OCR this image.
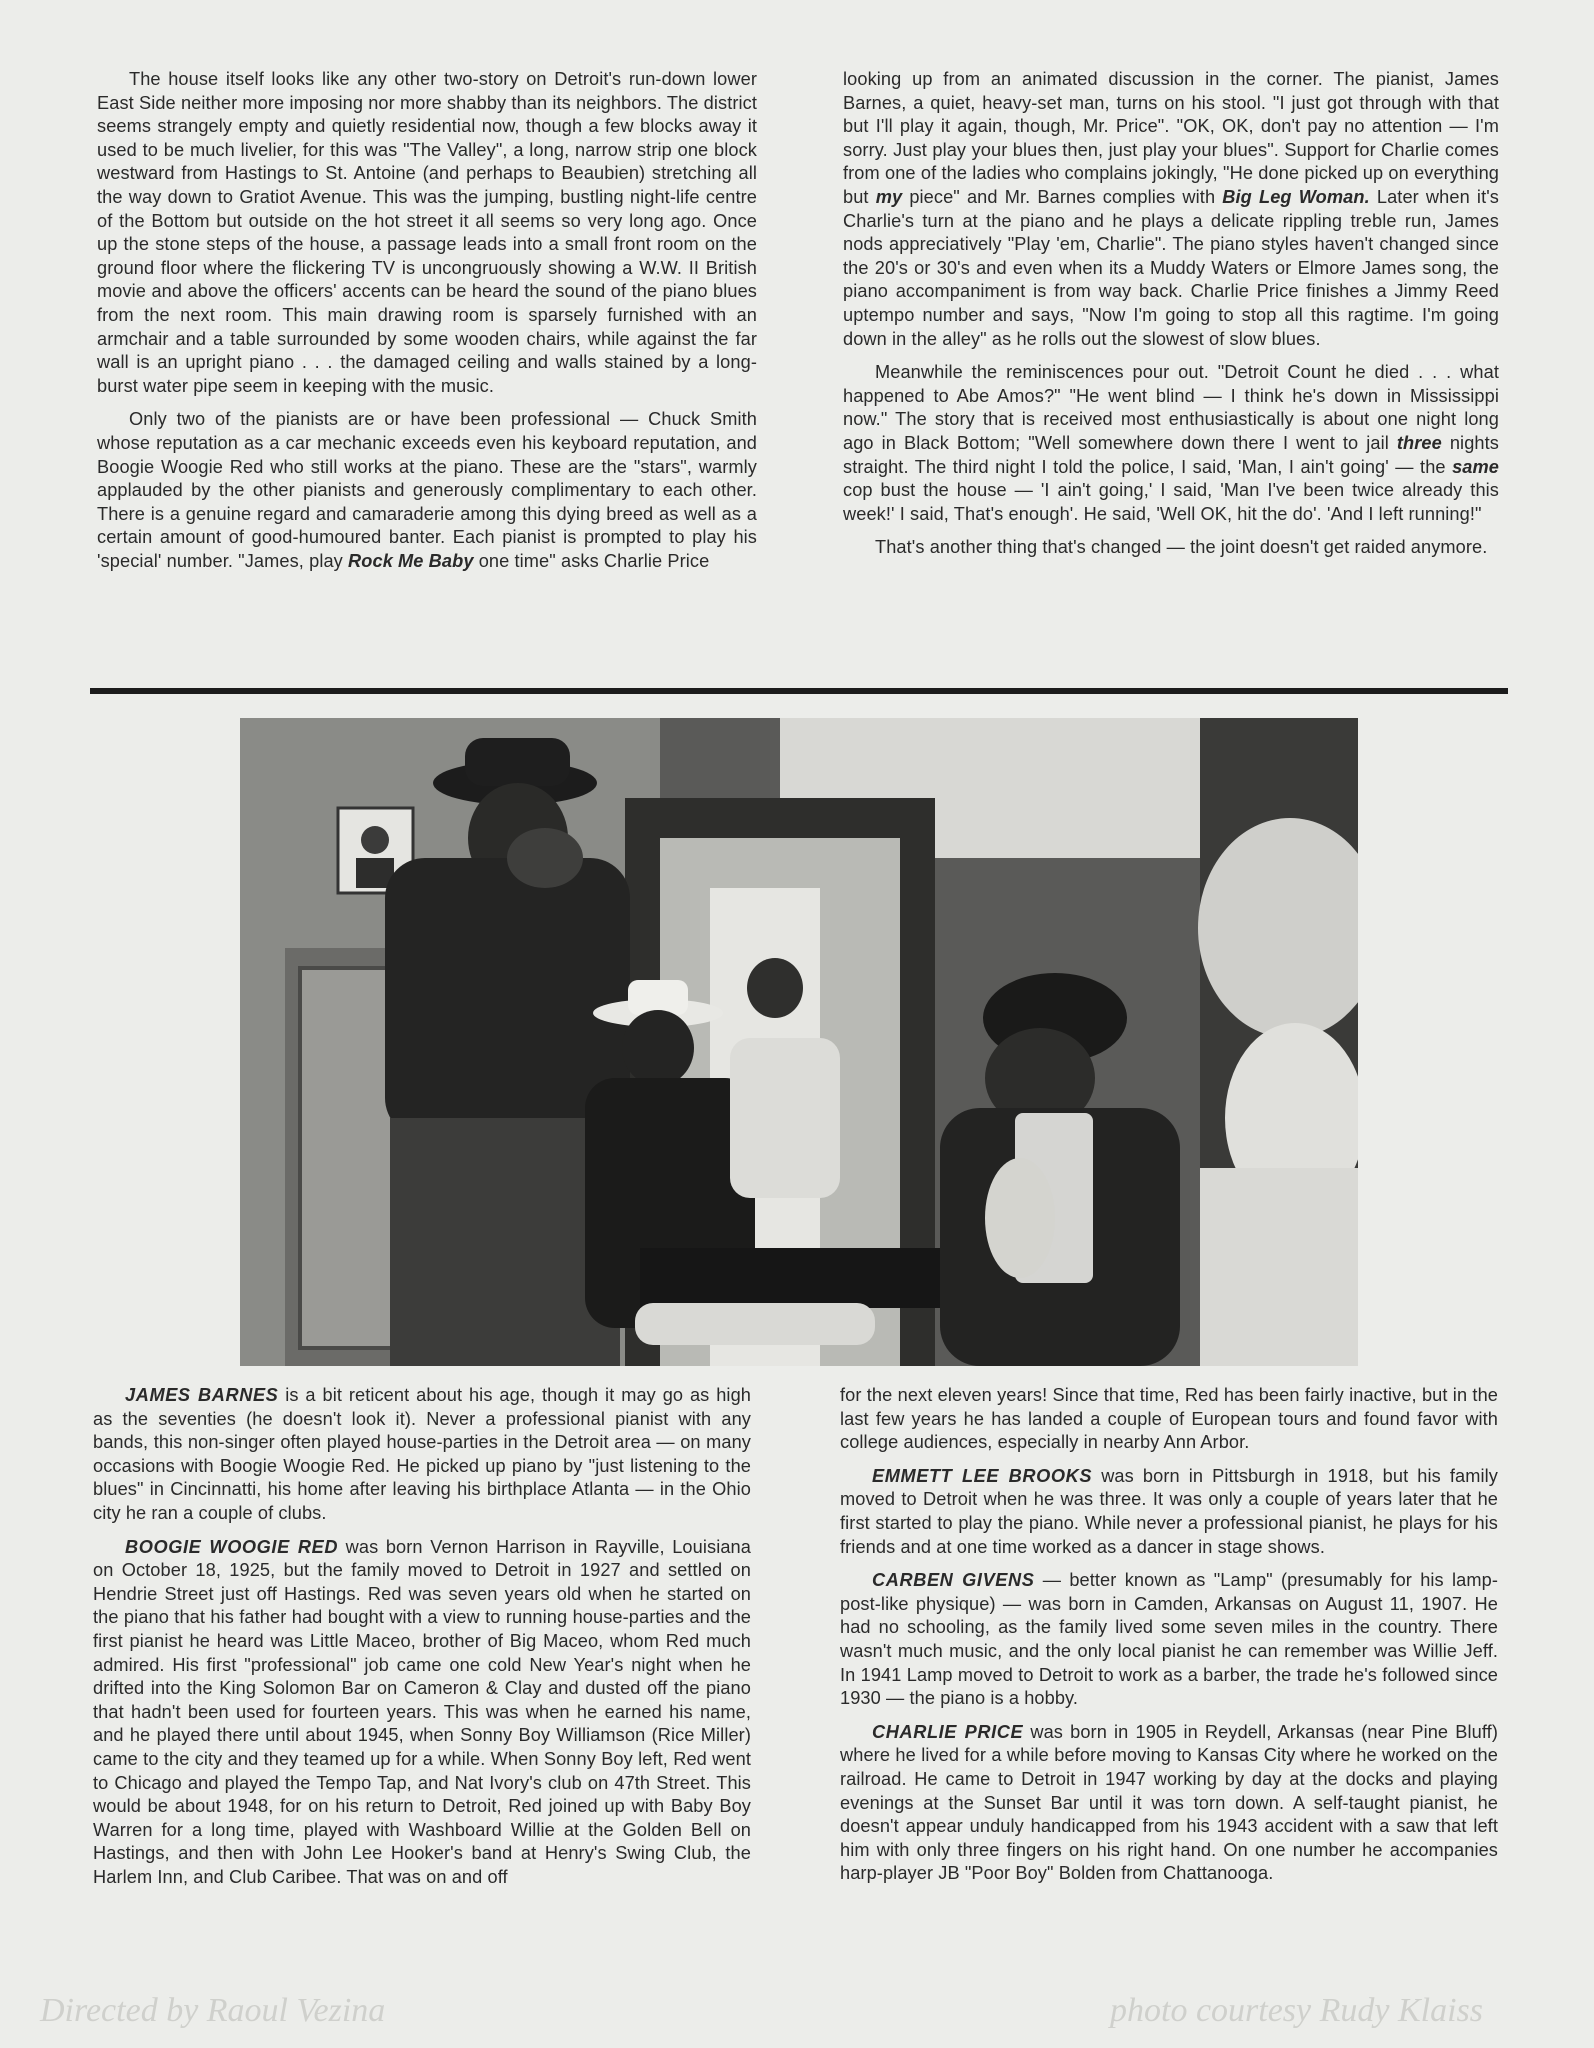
The house itself looks like any other two-story on Detroit's run-down lower East Side neither more imposing nor more shabby than its neighbors. The district seems strangely empty and quietly residential now, though a few blocks away it used to be much livelier, for this was "The Valley", a long, narrow strip one block westward from Hastings to St. Antoine (and perhaps to Beaubien) stretching all the way down to Gratiot Avenue. This was the jumping, bustling night-life centre of the Bottom but outside on the hot street it all seems so very long ago. Once up the stone steps of the house, a passage leads into a small front room on the ground floor where the flickering TV is uncongruously showing a W.W. II British movie and above the officers' accents can be heard the sound of the piano blues from the next room. This main drawing room is sparsely furnished with an armchair and a table surrounded by some wooden chairs, while against the far wall is an upright piano . . . the damaged ceiling and walls stained by a long-burst water pipe seem in keeping with the music.

Only two of the pianists are or have been professional — Chuck Smith whose reputation as a car mechanic exceeds even his keyboard reputation, and Boogie Woogie Red who still works at the piano. These are the "stars", warmly applauded by the other pianists and generously complimentary to each other. There is a genuine regard and camaraderie among this dying breed as well as a certain amount of good-humoured banter. Each pianist is prompted to play his 'special' number. "James, play Rock Me Baby one time" asks Charlie Price

looking up from an animated discussion in the corner. The pianist, James Barnes, a quiet, heavy-set man, turns on his stool. "I just got through with that but I'll play it again, though, Mr. Price". "OK, OK, don't pay no attention — I'm sorry. Just play your blues then, just play your blues". Support for Charlie comes from one of the ladies who complains jokingly, "He done picked up on everything but my piece" and Mr. Barnes complies with Big Leg Woman. Later when it's Charlie's turn at the piano and he plays a delicate rippling treble run, James nods appreciatively "Play 'em, Charlie". The piano styles haven't changed since the 20's or 30's and even when its a Muddy Waters or Elmore James song, the piano accompaniment is from way back. Charlie Price finishes a Jimmy Reed uptempo number and says, "Now I'm going to stop all this ragtime. I'm going down in the alley" as he rolls out the slowest of slow blues.

Meanwhile the reminiscences pour out. "Detroit Count he died . . . what happened to Abe Amos?" "He went blind — I think he's down in Mississippi now." The story that is received most enthusiastically is about one night long ago in Black Bottom; "Well somewhere down there I went to jail three nights straight. The third night I told the police, I said, 'Man, I ain't going' — the same cop bust the house — 'I ain't going,' I said, 'Man I've been twice already this week!' I said, That's enough'. He said, 'Well OK, hit the do'. 'And I left running!"

That's another thing that's changed — the joint doesn't get raided anymore.

JAMES BARNES is a bit reticent about his age, though it may go as high as the seventies (he doesn't look it). Never a professional pianist with any bands, this non-singer often played house-parties in the Detroit area — on many occasions with Boogie Woogie Red. He picked up piano by "just listening to the blues" in Cincinnatti, his home after leaving his birthplace Atlanta — in the Ohio city he ran a couple of clubs.

BOOGIE WOOGIE RED was born Vernon Harrison in Rayville, Louisiana on October 18, 1925, but the family moved to Detroit in 1927 and settled on Hendrie Street just off Hastings. Red was seven years old when he started on the piano that his father had bought with a view to running house-parties and the first pianist he heard was Little Maceo, brother of Big Maceo, whom Red much admired. His first "professional" job came one cold New Year's night when he drifted into the King Solomon Bar on Cameron & Clay and dusted off the piano that hadn't been used for fourteen years. This was when he earned his name, and he played there until about 1945, when Sonny Boy Williamson (Rice Miller) came to the city and they teamed up for a while. When Sonny Boy left, Red went to Chicago and played the Tempo Tap, and Nat Ivory's club on 47th Street. This would be about 1948, for on his return to Detroit, Red joined up with Baby Boy Warren for a long time, played with Washboard Willie at the Golden Bell on Hastings, and then with John Lee Hooker's band at Henry's Swing Club, the Harlem Inn, and Club Caribee. That was on and off

for the next eleven years! Since that time, Red has been fairly inactive, but in the last few years he has landed a couple of European tours and found favor with college audiences, especially in nearby Ann Arbor.

EMMETT LEE BROOKS was born in Pittsburgh in 1918, but his family moved to Detroit when he was three. It was only a couple of years later that he first started to play the piano. While never a professional pianist, he plays for his friends and at one time worked as a dancer in stage shows.

CARBEN GIVENS — better known as "Lamp" (presumably for his lamp-post-like physique) — was born in Camden, Arkansas on August 11, 1907. He had no schooling, as the family lived some seven miles in the country. There wasn't much music, and the only local pianist he can remember was Willie Jeff. In 1941 Lamp moved to Detroit to work as a barber, the trade he's followed since 1930 — the piano is a hobby.

CHARLIE PRICE was born in 1905 in Reydell, Arkansas (near Pine Bluff) where he lived for a while before moving to Kansas City where he worked on the railroad. He came to Detroit in 1947 working by day at the docks and playing evenings at the Sunset Bar until it was torn down. A self-taught pianist, he doesn't appear unduly handicapped from his 1943 accident with a saw that left him with only three fingers on his right hand. On one number he accompanies harp-player JB "Poor Boy" Bolden from Chattanooga.

Directed by Raoul Vezina	photo courtesy Rudy Klaiss
